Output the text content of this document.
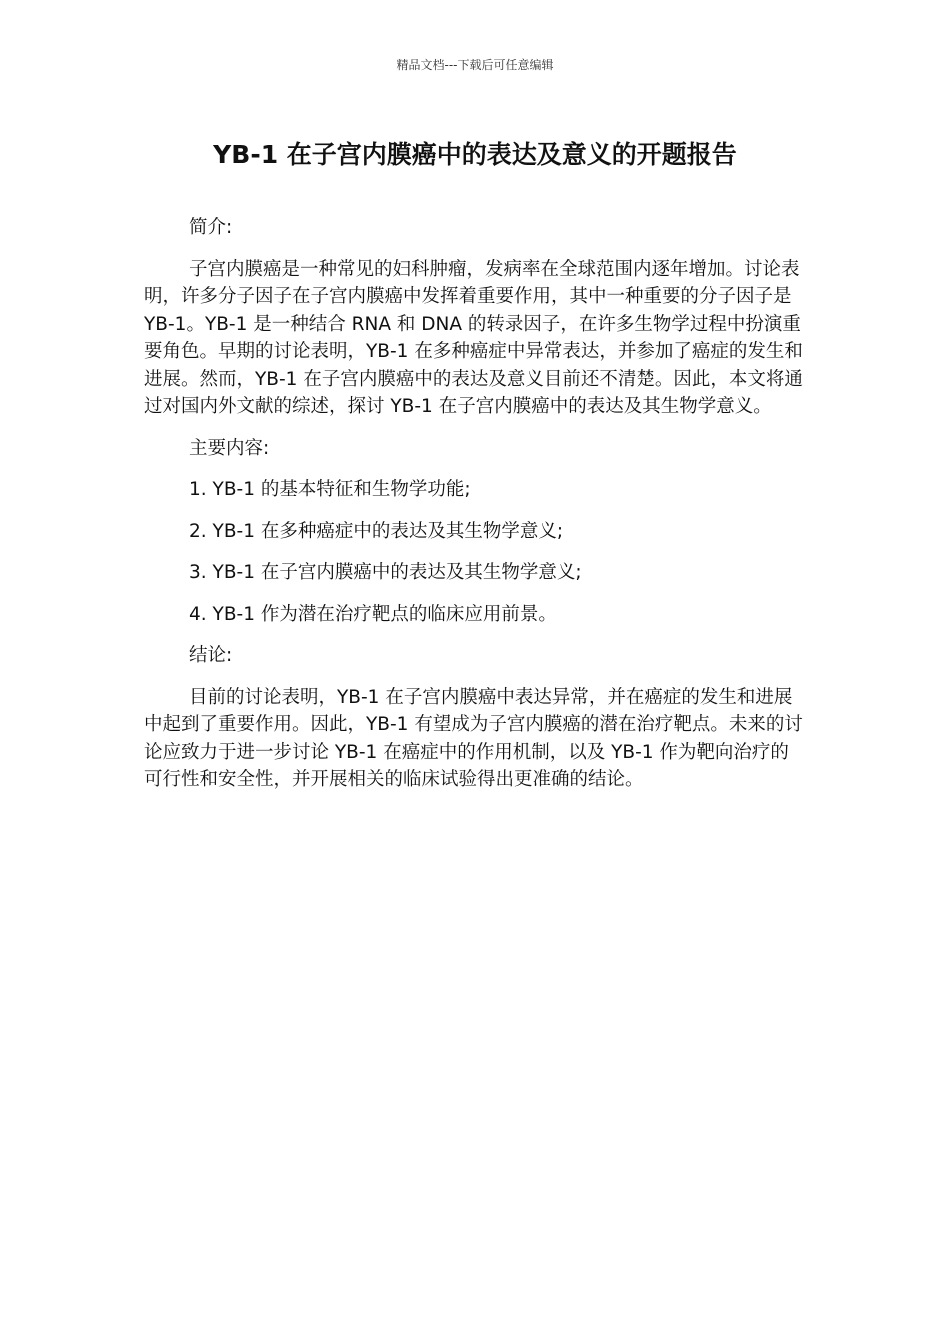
精品文档---下载后可任意编辑
YB-1 在子宫内膜癌中的表达及意义的开题报告

简介:

子宫内膜癌是一种常见的妇科肿瘤，发病率在全球范围内逐年增加。讨论表明，许多分子因子在子宫内膜癌中发挥着重要作用，其中一种重要的分子因子是 YB-1。YB-1 是一种结合 RNA 和 DNA 的转录因子，在许多生物学过程中扮演重要角色。早期的讨论表明，YB-1 在多种癌症中异常表达，并参加了癌症的发生和进展。然而，YB-1 在子宫内膜癌中的表达及意义目前还不清楚。因此，本文将通过对国内外文献的综述，探讨 YB-1 在子宫内膜癌中的表达及其生物学意义。

主要内容:

1. YB-1 的基本特征和生物学功能;

2. YB-1 在多种癌症中的表达及其生物学意义;

3. YB-1 在子宫内膜癌中的表达及其生物学意义;

4. YB-1 作为潜在治疗靶点的临床应用前景。

结论:

目前的讨论表明，YB-1 在子宫内膜癌中表达异常，并在癌症的发生和进展中起到了重要作用。因此，YB-1 有望成为子宫内膜癌的潜在治疗靶点。未来的讨论应致力于进一步讨论 YB-1 在癌症中的作用机制，以及 YB-1 作为靶向治疗的可行性和安全性，并开展相关的临床试验得出更准确的结论。
